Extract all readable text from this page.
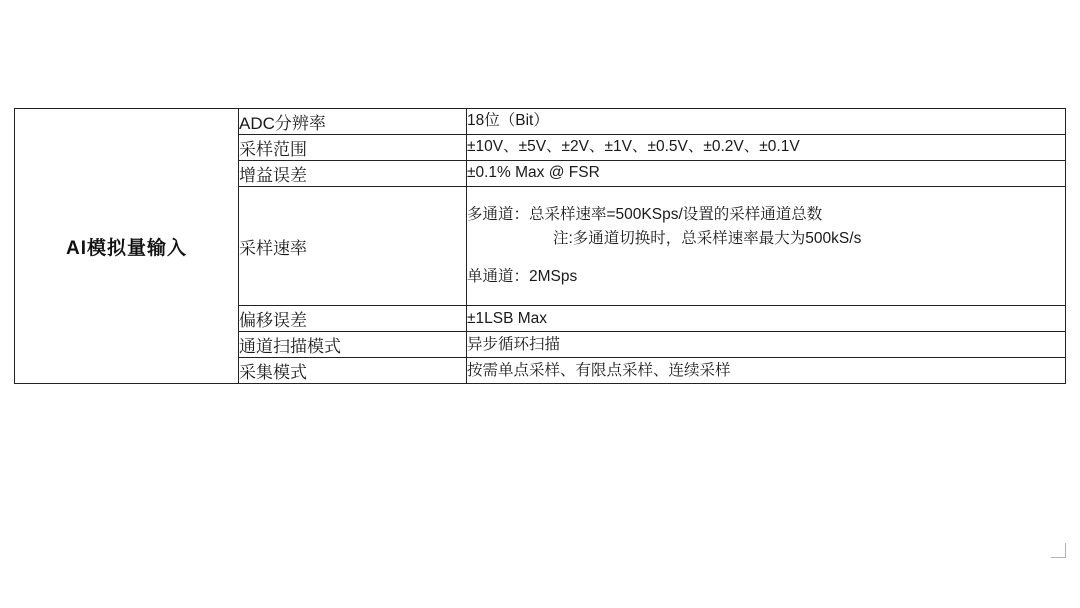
AI模拟量输入	ADC分辨率	18位（Bit）

	采样范围	±10V、±5V、±2V、±1V、±0.5V、±0.2V、±0.1V

	增益误差	±0.1% Max @ FSR

	采样速率	多通道：总采样速率=500KSps/设置的采样通道总数
注:多通道切换时，总采样速率最大为500kS/s
单通道：2MSps

	偏移误差	±1LSB Max

	通道扫描模式	异步循环扫描

	采集模式	按需单点采样、有限点采样、连续采样
